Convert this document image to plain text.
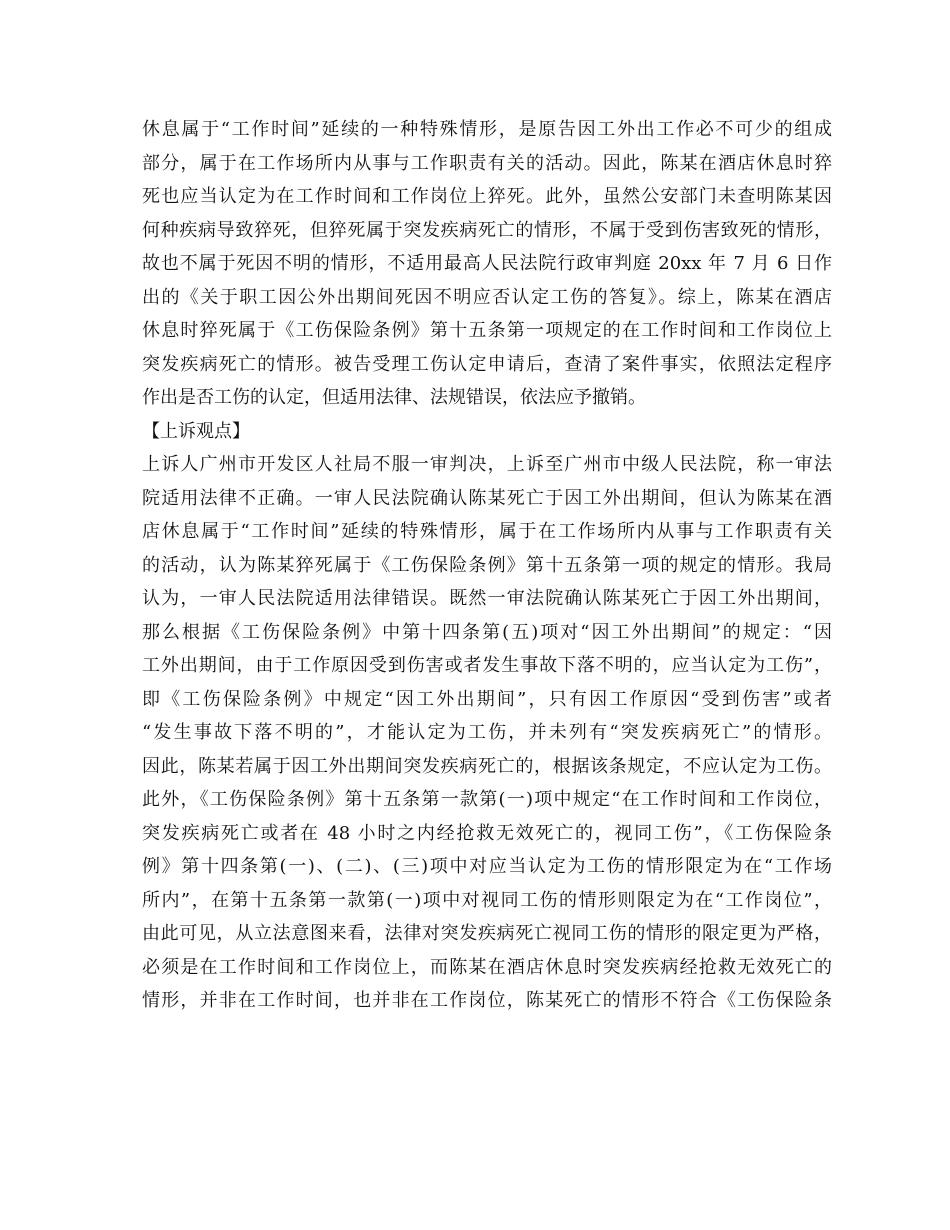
休息属于“工作时间”延续的一种特殊情形，是原告因工外出工作必不可少的组成
部分，属于在工作场所内从事与工作职责有关的活动。因此，陈某在酒店休息时猝
死也应当认定为在工作时间和工作岗位上猝死。此外，虽然公安部门未查明陈某因
何种疾病导致猝死，但猝死属于突发疾病死亡的情形，不属于受到伤害致死的情形，
故也不属于死因不明的情形，不适用最高人民法院行政审判庭 20xx 年 7 月 6 日作
出的《关于职工因公外出期间死因不明应否认定工伤的答复》。综上，陈某在酒店
休息时猝死属于《工伤保险条例》第十五条第一项规定的在工作时间和工作岗位上
突发疾病死亡的情形。被告受理工伤认定申请后，查清了案件事实，依照法定程序
作出是否工伤的认定，但适用法律、法规错误，依法应予撤销。
【上诉观点】
上诉人广州市开发区人社局不服一审判决，上诉至广州市中级人民法院，称一审法
院适用法律不正确。一审人民法院确认陈某死亡于因工外出期间，但认为陈某在酒
店休息属于“工作时间”延续的特殊情形，属于在工作场所内从事与工作职责有关
的活动，认为陈某猝死属于《工伤保险条例》第十五条第一项的规定的情形。我局
认为，一审人民法院适用法律错误。既然一审法院确认陈某死亡于因工外出期间，
那么根据《工伤保险条例》中第十四条第(五)项对“因工外出期间”的规定：“因
工外出期间，由于工作原因受到伤害或者发生事故下落不明的，应当认定为工伤”，
即《工伤保险条例》中规定“因工外出期间”，只有因工作原因“受到伤害”或者
“发生事故下落不明的”，才能认定为工伤，并未列有“突发疾病死亡”的情形。
因此，陈某若属于因工外出期间突发疾病死亡的，根据该条规定，不应认定为工伤。
此外，《工伤保险条例》第十五条第一款第(一)项中规定“在工作时间和工作岗位，
突发疾病死亡或者在 48 小时之内经抢救无效死亡的，视同工伤”，《工伤保险条
例》第十四条第(一)、(二)、(三)项中对应当认定为工伤的情形限定为在“工作场
所内”，在第十五条第一款第(一)项中对视同工伤的情形则限定为在“工作岗位”，
由此可见，从立法意图来看，法律对突发疾病死亡视同工伤的情形的限定更为严格，
必须是在工作时间和工作岗位上，而陈某在酒店休息时突发疾病经抢救无效死亡的
情形，并非在工作时间，也并非在工作岗位，陈某死亡的情形不符合《工伤保险条
